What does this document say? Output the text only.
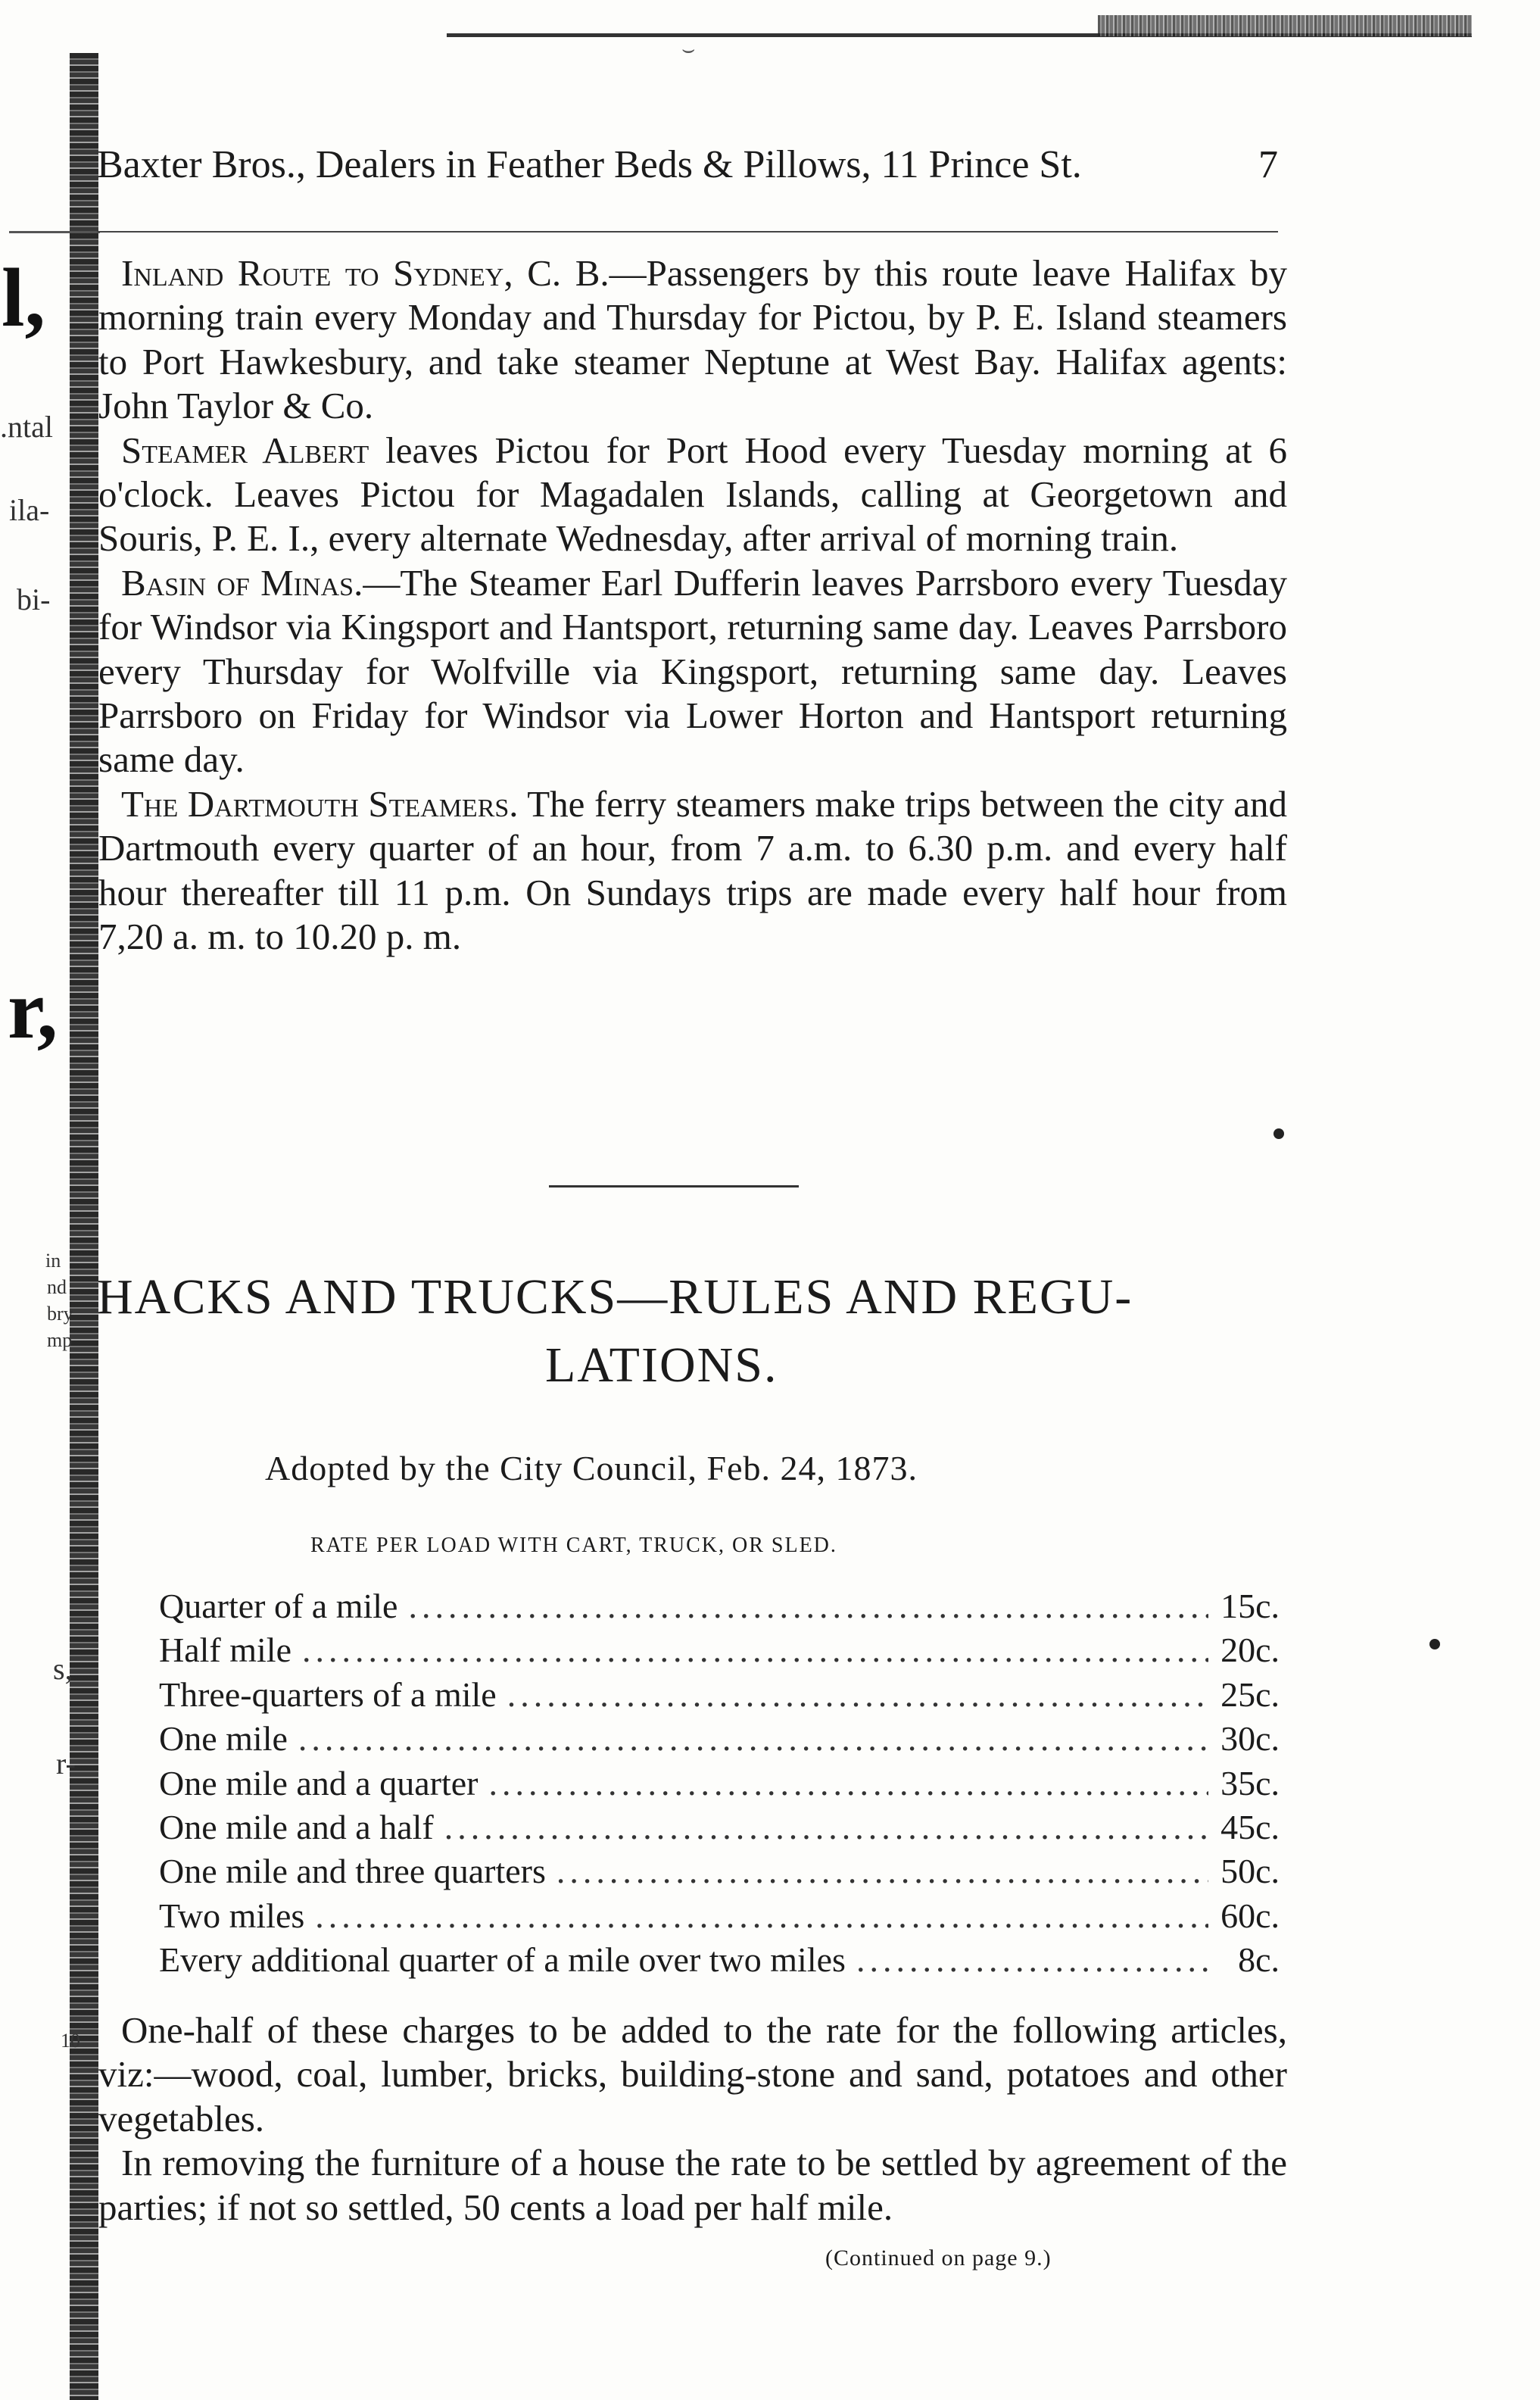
⌣
l,
.ntal
ila-
bi-
r,
in
nd
bry
mp
s,
r-
10
Baxter Bros., Dealers in Feather Beds & Pillows, 11 Prince St.	7

Inland Route to Sydney, C. B.—Passengers by this route leave Halifax by morning train every Monday and Thursday for Pictou, by P. E. Island steamers to Port Hawkesbury, and take steamer Neptune at West Bay. Halifax agents: John Taylor & Co.

Steamer Albert leaves Pictou for Port Hood every Tuesday morning at 6 o'clock. Leaves Pictou for Magadalen Islands, calling at Georgetown and Souris, P. E. I., every alternate Wednesday, after arrival of morning train.

Basin of Minas.—The Steamer Earl Dufferin leaves Parrsboro every Tuesday for Windsor via Kingsport and Hantsport, returning same day. Leaves Parrsboro every Thursday for Wolfville via Kingsport, returning same day. Leaves Parrsboro on Friday for Windsor via Lower Horton and Hantsport returning same day.

The Dartmouth Steamers. The ferry steamers make trips between the city and Dartmouth every quarter of an hour, from 7 a.m. to 6.30 p.m. and every half hour thereafter till 11 p.m. On Sundays trips are made every half hour from 7,20 a. m. to 10.20 p. m.

HACKS AND TRUCKS—RULES AND REGU-
LATIONS.
Adopted by the City Council, Feb. 24, 1873.
RATE PER LOAD WITH CART, TRUCK, OR SLED.
Quarter of a mile .....	15c.
Half mile .....	20c.
Three-quarters of a mile .....	25c.
One mile .....	30c.
One mile and a quarter .....	35c.
One mile and a half .....	45c.
One mile and three quarters .....	50c.
Two miles .....	60c.
Every additional quarter of a mile over two miles .....	8c.

One-half of these charges to be added to the rate for the following articles, viz:—wood, coal, lumber, bricks, building-stone and sand, potatoes and other vegetables.

In removing the furniture of a house the rate to be settled by agreement of the parties; if not so settled, 50 cents a load per half mile.

(Continued on page 9.)
